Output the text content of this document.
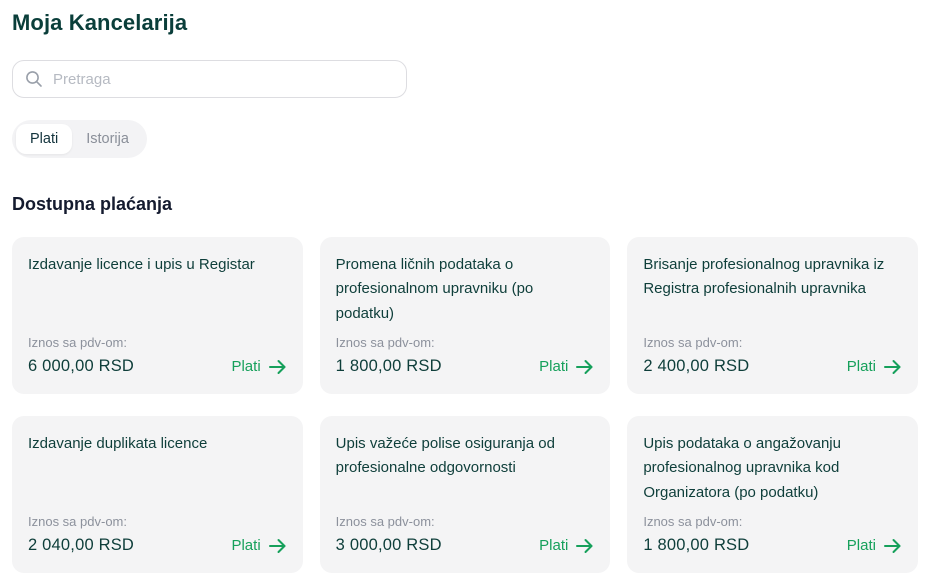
Moja Kancelarija
Pretraga
Plati	Istorija
Dostupna plaćanja
Izdavanje licence i upis u Registar
Iznos sa pdv-om:
6 000,00 RSD	Plati
Promena ličnih podataka o profesionalnom upravniku (po podatku)
Iznos sa pdv-om:
1 800,00 RSD	Plati
Brisanje profesionalnog upravnika iz Registra profesionalnih upravnika
Iznos sa pdv-om:
2 400,00 RSD	Plati
Izdavanje duplikata licence
Iznos sa pdv-om:
2 040,00 RSD	Plati
Upis važeće polise osiguranja od profesionalne odgovornosti
Iznos sa pdv-om:
3 000,00 RSD	Plati
Upis podataka o angažovanju profesionalnog upravnika kod Organizatora (po podatku)
Iznos sa pdv-om:
1 800,00 RSD	Plati
